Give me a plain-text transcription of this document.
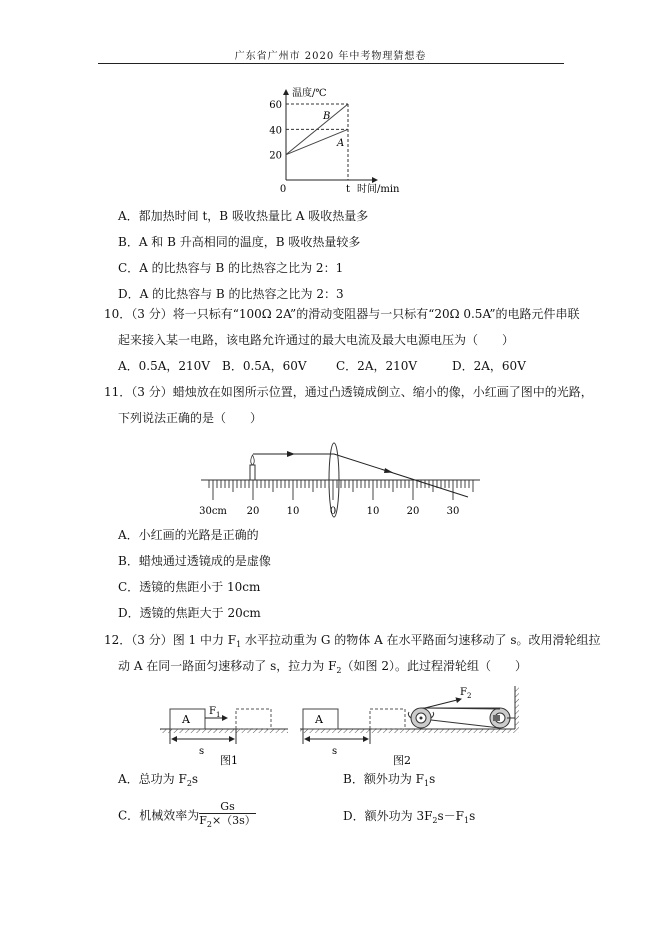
广东省广州市 2020 年中考物理猜想卷
20
40
60
0	t
B
A
温度/℃
时间/min
A．都加热时间 t，B 吸收热量比 A 吸收热量多
B．A 和 B 升高相同的温度，B 吸收热量较多
C．A 的比热容与 B 的比热容之比为 2：1
D．A 的比热容与 B 的比热容之比为 2：3
10．（3 分）将一只标有“100Ω 2A”的滑动变阻器与一只标有“20Ω 0.5A”的电路元件串联
起来接入某一电路，该电路允许通过的最大电流及最大电源电压为（　　）
A．0.5A，210V B．0.5A，60V C．2A，210V	D．2A，60V
11．（3 分）蜡烛放在如图所示位置，通过凸透镜成倒立、缩小的像，小红画了图中的光路，
下列说法正确的是（　　）
30cm 20	10	0	10	20	30
A．小红画的光路是正确的
B．蜡烛通过透镜成的是虚像
C．透镜的焦距小于 10cm
D．透镜的焦距大于 20cm
12．（3 分）图 1 中力 $F_1$ 水平拉动重为 G 的物体 A 在水平路面匀速移动了 s。改用滑轮组拉
动 A 在同一路面匀速移动了 s，拉力为 $F_2$（如图 2）。此过程滑轮组（　　）
A
$F_1$
s
图1
A
s
图2
$F_2$
A．总功为 $F_2s$	B．额外功为 $F_1s$
C．机械效率为 $\frac{Gs}{F_2\times(3s)}$	D．额外功为 $3F_2s-F_1s$
